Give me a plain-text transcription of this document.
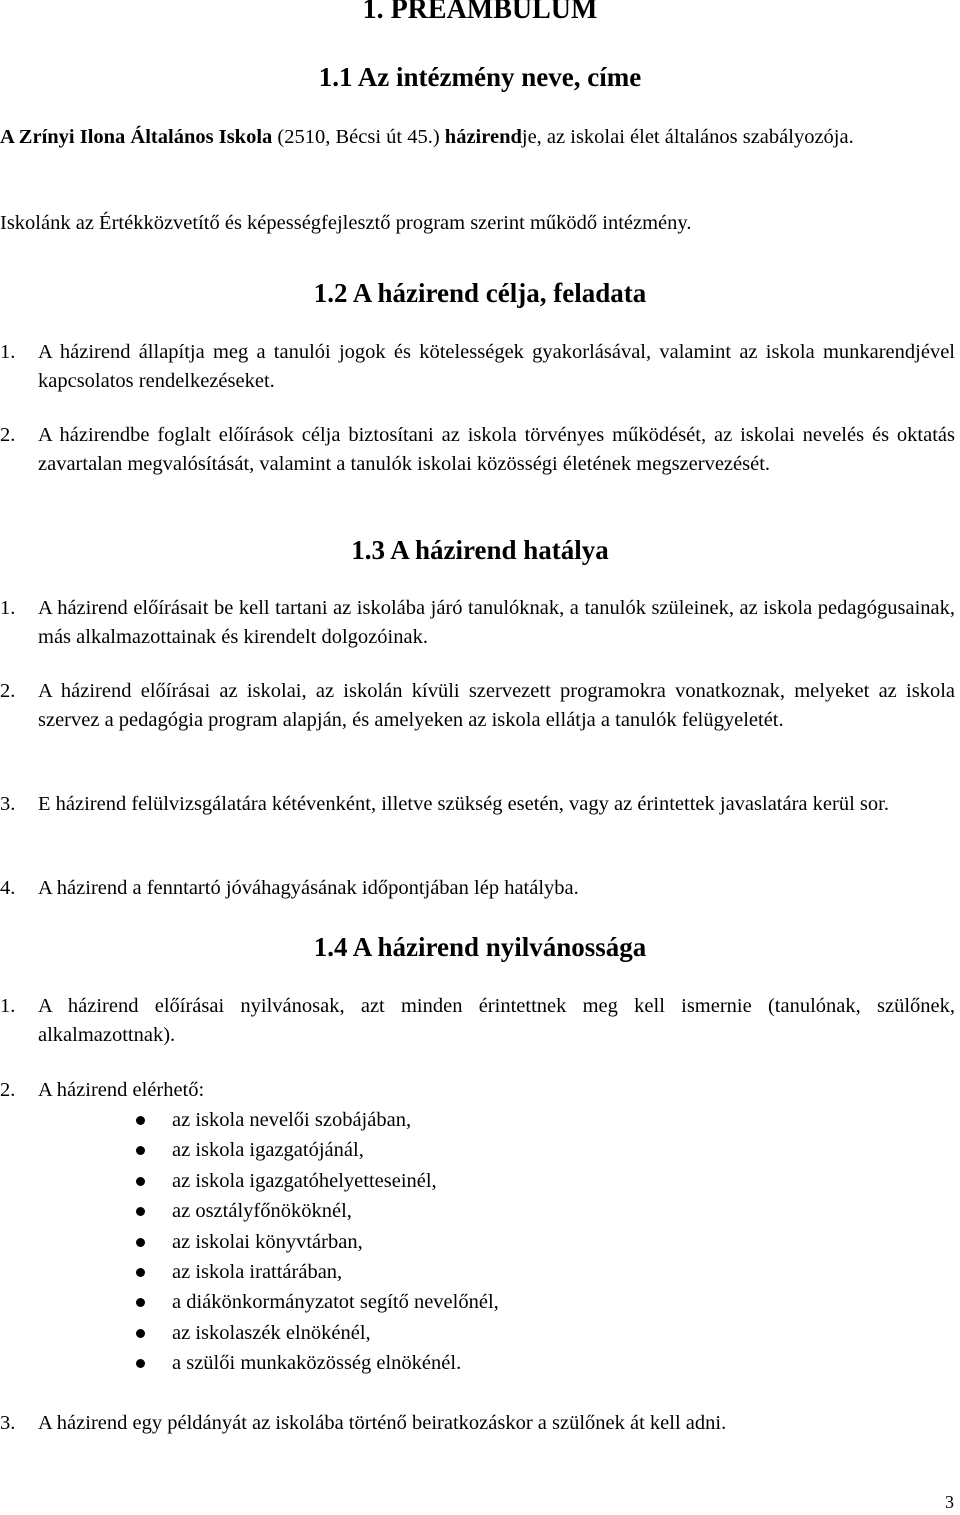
1. PREAMBULUM
1.1 Az intézmény neve, címe

A Zrínyi Ilona Általános Iskola (2510, Bécsi út 45.) házirendje, az iskolai élet általános szabályozója.

Iskolánk az Értékközvetítő és képességfejlesztő program szerint működő intézmény.

1.2 A házirend célja, feladata
1. A házirend állapítja meg a tanulói jogok és kötelességek gyakorlásával, valamint az iskola munkarendjével kapcsolatos rendelkezéseket.
2. A házirendbe foglalt előírások célja biztosítani az iskola törvényes működését, az iskolai nevelés és oktatás zavartalan megvalósítását, valamint a tanulók iskolai közösségi életének megszervezését.
1.3 A házirend hatálya
1. A házirend előírásait be kell tartani az iskolába járó tanulóknak, a tanulók szüleinek, az iskola pedagógusainak, más alkalmazottainak és kirendelt dolgozóinak.
2. A házirend előírásai az iskolai, az iskolán kívüli szervezett programokra vonatkoznak, melyeket az iskola szervez a pedagógia program alapján, és amelyeken az iskola ellátja a tanulók felügyeletét.
3. E házirend felülvizsgálatára kétévenként, illetve szükség esetén, vagy az érintettek javaslatára kerül sor.
4. A házirend a fenntartó jóváhagyásának időpontjában lép hatályba.
1.4 A házirend nyilvánossága
1. A házirend előírásai nyilvánosak, azt minden érintettnek meg kell ismernie (tanulónak, szülőnek, alkalmazottnak).
2. A házirend elérhető:
az iskola nevelői szobájában,
az iskola igazgatójánál,
az iskola igazgatóhelyetteseinél,
az osztályfőnököknél,
az iskolai könyvtárban,
az iskola irattárában,
a diákönkormányzatot segítő nevelőnél,
az iskolaszék elnökénél,
a szülői munkaközösség elnökénél.
3. A házirend egy példányát az iskolába történő beiratkozáskor a szülőnek át kell adni.
3
